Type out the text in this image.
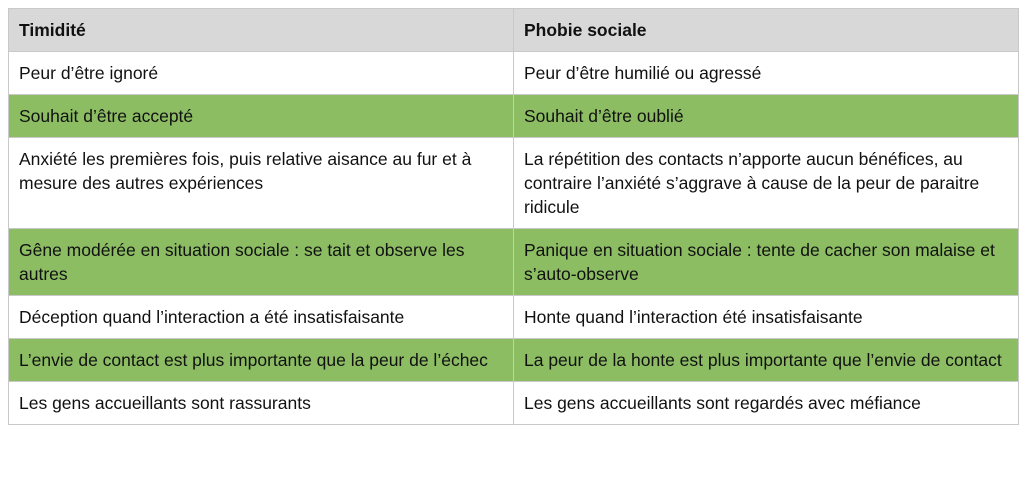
Timidité	Phobie sociale
Peur d’être ignoré	Peur d’être humilié ou agressé
Souhait d’être accepté	Souhait d’être oublié
Anxiété les premières fois, puis relative aisance au fur et à mesure des autres expériences	La répétition des contacts n’apporte aucun bénéfices, au contraire l’anxiété s’aggrave à cause de la peur de paraitre ridicule
Gêne modérée en situation sociale : se tait et observe les autres	Panique en situation sociale : tente de cacher son malaise et s’auto-observe
Déception quand l’interaction a été insatisfaisante	Honte quand l’interaction été insatisfaisante
L’envie de contact est plus importante que la peur de l’échec	La peur de la honte est plus importante que l’envie de contact
Les gens accueillants sont rassurants	Les gens accueillants sont regardés avec méfiance
